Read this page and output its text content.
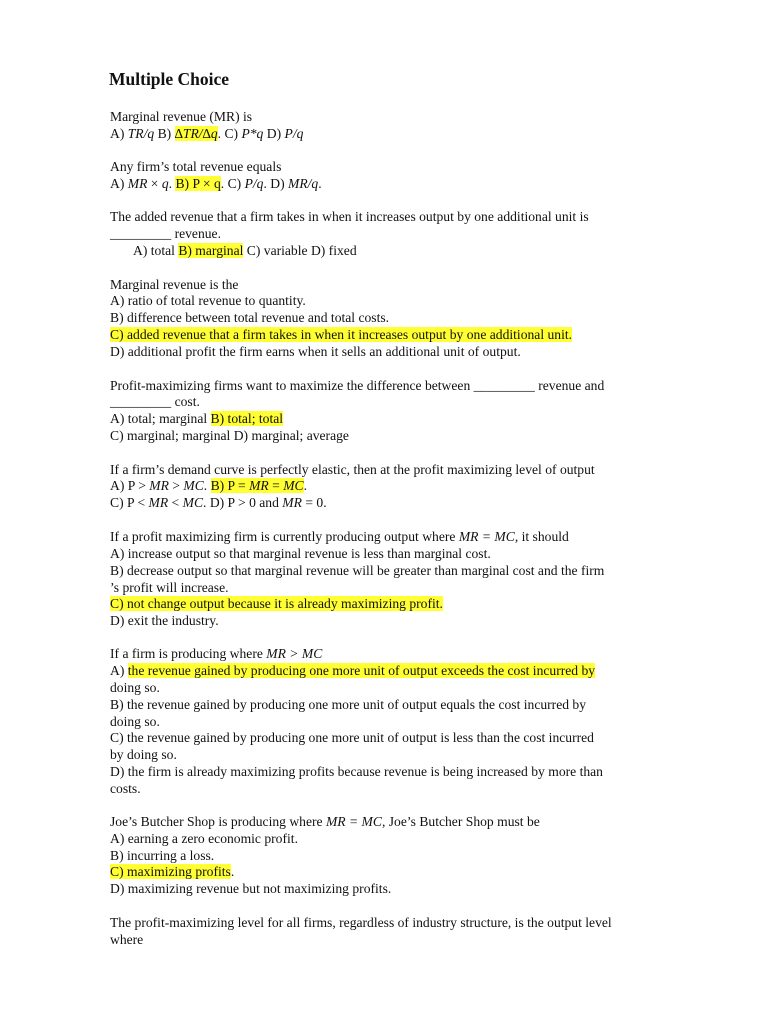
Multiple Choice
Marginal revenue (MR) is
A) TR/q B) ∆TR/∆q. C) P*q D) P/q
Any firm’s total revenue equals
A) MR × q. B) P × q. C) P/q. D) MR/q.
The added revenue that a firm takes in when it increases output by one additional unit is
_________ revenue.
A) total B) marginal C) variable D) fixed
Marginal revenue is the
A) ratio of total revenue to quantity.
B) difference between total revenue and total costs.
C) added revenue that a firm takes in when it increases output by one additional unit.
D) additional profit the firm earns when it sells an additional unit of output.
Profit-maximizing firms want to maximize the difference between _________ revenue and
_________ cost.
A) total; marginal B) total; total
C) marginal; marginal D) marginal; average
If a firm’s demand curve is perfectly elastic, then at the profit maximizing level of output
A) P > MR > MC. B) P = MR = MC.
C) P < MR < MC. D) P > 0 and MR = 0.
If a profit maximizing firm is currently producing output where MR = MC, it should
A) increase output so that marginal revenue is less than marginal cost.
B) decrease output so that marginal revenue will be greater than marginal cost and the firm
’s profit will increase.
C) not change output because it is already maximizing profit.
D) exit the industry.
If a firm is producing where MR > MC
A) the revenue gained by producing one more unit of output exceeds the cost incurred by
doing so.
B) the revenue gained by producing one more unit of output equals the cost incurred by
doing so.
C) the revenue gained by producing one more unit of output is less than the cost incurred
by doing so.
D) the firm is already maximizing profits because revenue is being increased by more than
costs.
Joe’s Butcher Shop is producing where MR = MC, Joe’s Butcher Shop must be
A) earning a zero economic profit.
B) incurring a loss.
C) maximizing profits.
D) maximizing revenue but not maximizing profits.
The profit-maximizing level for all firms, regardless of industry structure, is the output level
where
